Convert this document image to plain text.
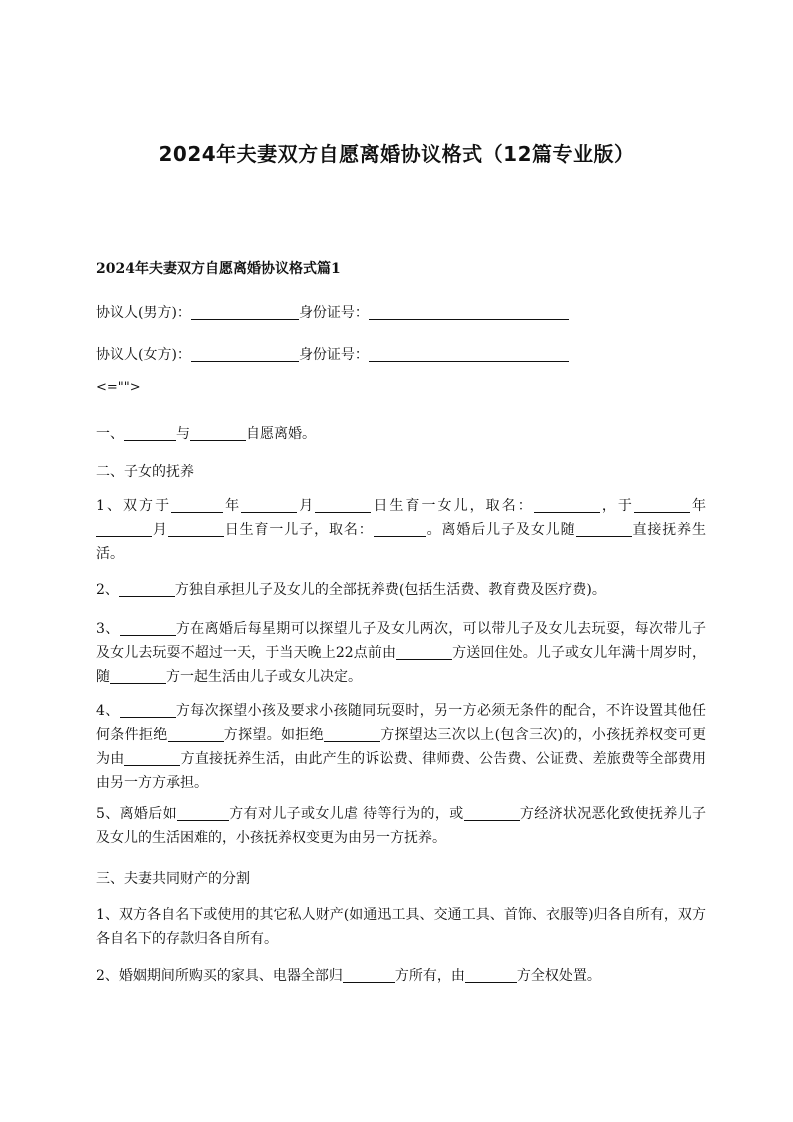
2024年夫妻双方自愿离婚协议格式（12篇专业版）
2024年夫妻双方自愿离婚协议格式篇1
协议人(男方)：	身份证号：
协议人(女方)：	身份证号：
<="">
一、	与	自愿离婚。
二、子女的抚养
1、双方于	年	月	日生育一女儿，取名：	，于	年月	日生育一儿子，取名：	。离婚后儿子及女儿随	直接抚养生活。
2、	方独自承担儿子及女儿的全部抚养费(包括生活费、教育费及医疗费)。
3、	方在离婚后每星期可以探望儿子及女儿两次，可以带儿子及女儿去玩耍，每次带儿子及女儿去玩耍不超过一天，于当天晚上22点前由	方送回住处。儿子或女儿年满十周岁时，随	方一起生活由儿子或女儿决定。
4、	方每次探望小孩及要求小孩随同玩耍时，另一方必须无条件的配合，不许设置其他任何条件拒绝	方探望。如拒绝	方探望达三次以上(包含三次)的，小孩抚养权变可更为由	方直接抚养生活，由此产生的诉讼费、律师费、公告费、公证费、差旅费等全部费用由另一方方承担。
5、离婚后如	方有对儿子或女儿虐 待等行为的，或	方经济状况恶化致使抚养儿子及女儿的生活困难的，小孩抚养权变更为由另一方抚养。
三、夫妻共同财产的分割
1、双方各自名下或使用的其它私人财产(如通迅工具、交通工具、首饰、衣服等)归各自所有，双方各自名下的存款归各自所有。
2、婚姻期间所购买的家具、电器全部归	方所有，由	方全权处置。
